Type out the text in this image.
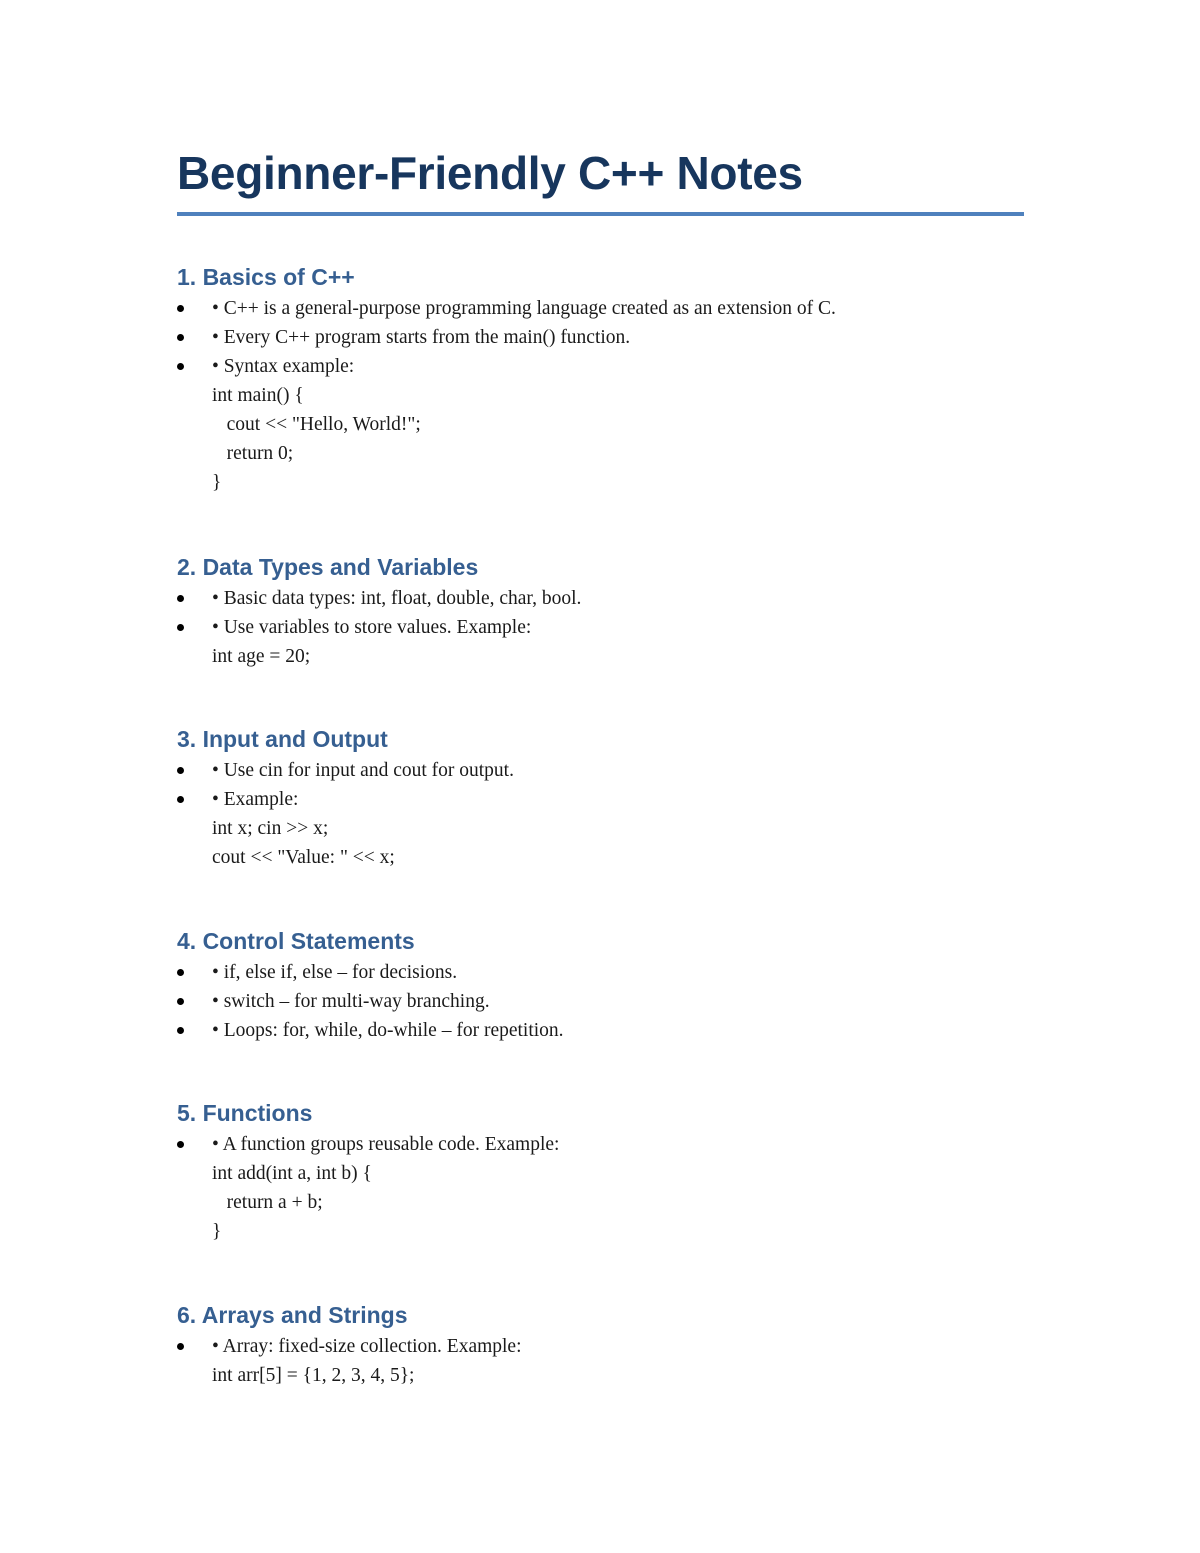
Beginner-Friendly C++ Notes
1. Basics of C++
• C++ is a general-purpose programming language created as an extension of C.
• Every C++ program starts from the main() function.
• Syntax example:
int main() {
cout << "Hello, World!";
return 0;
}
2. Data Types and Variables
• Basic data types: int, float, double, char, bool.
• Use variables to store values. Example:
int age = 20;
3. Input and Output
• Use cin for input and cout for output.
• Example:
int x; cin >> x;
cout << "Value: " << x;
4. Control Statements
• if, else if, else – for decisions.
• switch – for multi-way branching.
• Loops: for, while, do-while – for repetition.
5. Functions
• A function groups reusable code. Example:
int add(int a, int b) {
return a + b;
}
6. Arrays and Strings
• Array: fixed-size collection. Example:
int arr[5] = {1, 2, 3, 4, 5};
